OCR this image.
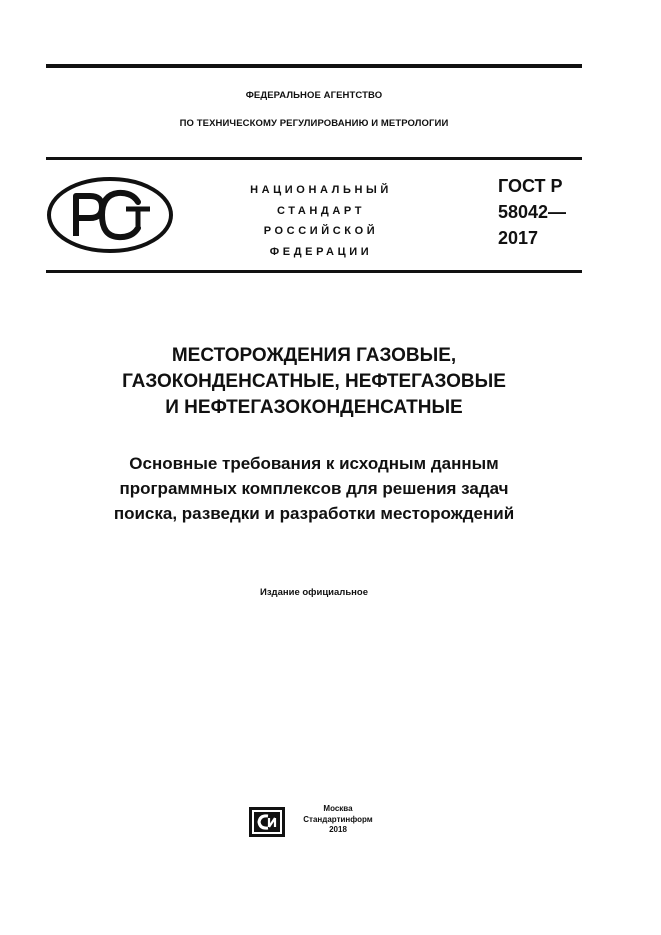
ФЕДЕРАЛЬНОЕ АГЕНТСТВО
ПО ТЕХНИЧЕСКОМУ РЕГУЛИРОВАНИЮ И МЕТРОЛОГИИ
НАЦИОНАЛЬНЫЙ
СТАНДАРТ
РОССИЙСКОЙ
ФЕДЕРАЦИИ
ГОСТ Р
58042—
2017
МЕСТОРОЖДЕНИЯ ГАЗОВЫЕ,
ГАЗОКОНДЕНСАТНЫЕ, НЕФТЕГАЗОВЫЕ
И НЕФТЕГАЗОКОНДЕНСАТНЫЕ
Основные требования к исходным данным
программных комплексов для решения задач
поиска, разведки и разработки месторождений
Издание официальное
Москва
Стандартинформ
2018
